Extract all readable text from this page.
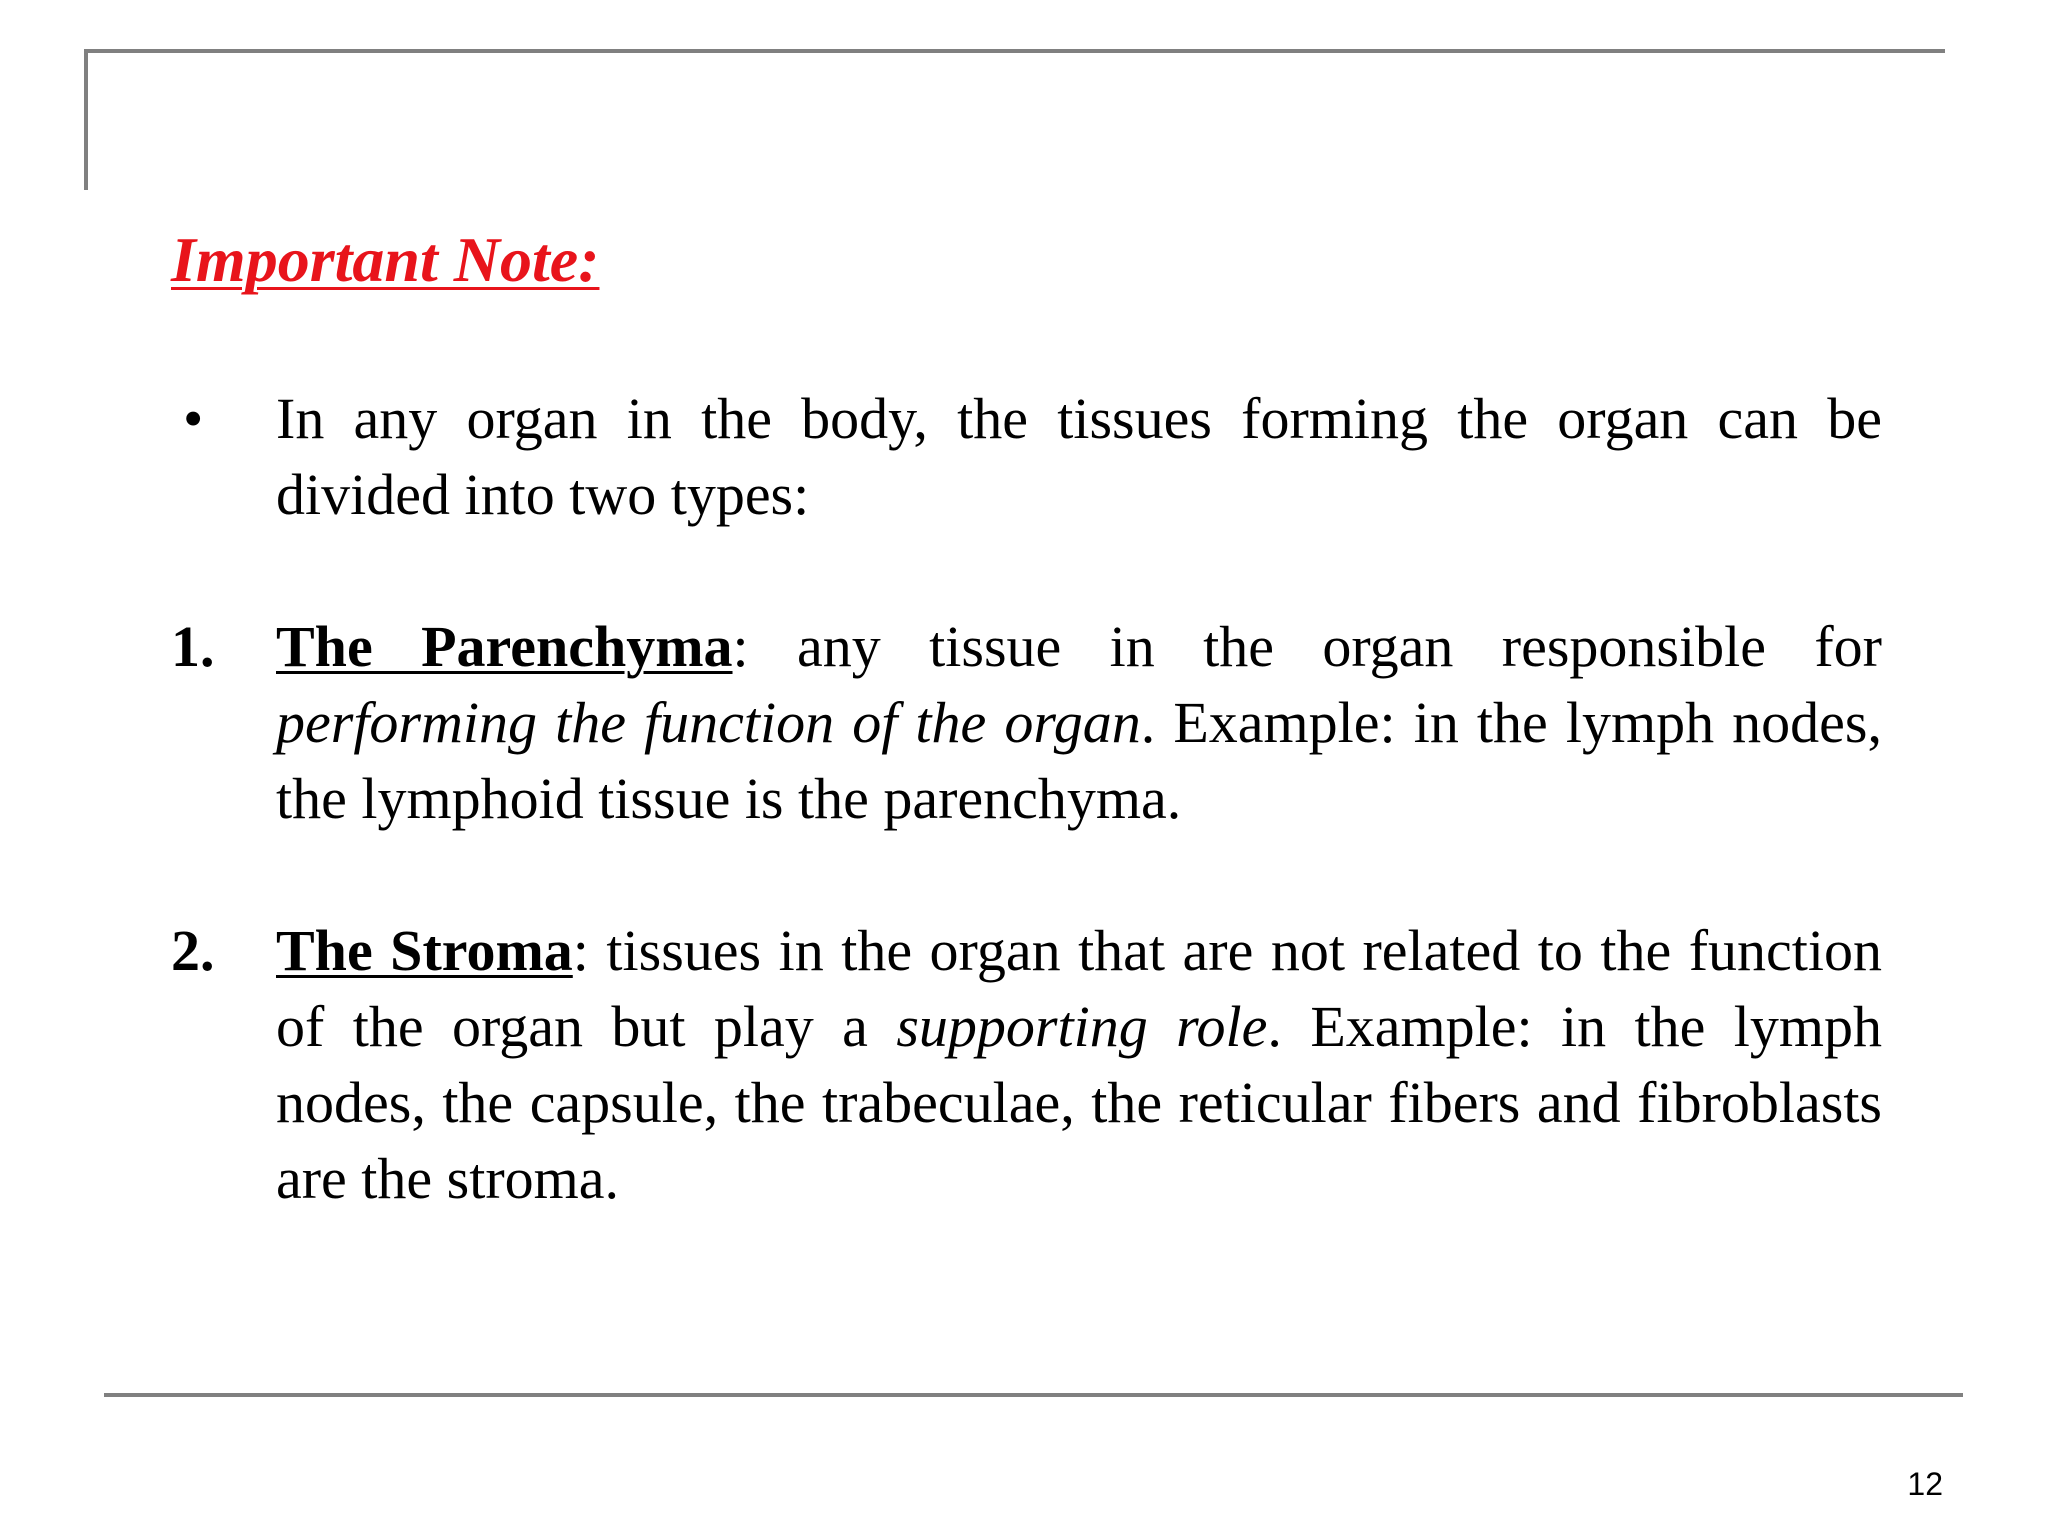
Important Note:
•	In any organ in the body, the tissues forming the organ can be divided into two types:
1.	The Parenchyma: any tissue in the organ responsible for performing the function of the organ. Example: in the lymph nodes, the lymphoid tissue is the parenchyma.
2.	The Stroma: tissues in the organ that are not related to the function of the organ but play a supporting role. Example: in the lymph nodes, the capsule, the trabeculae, the reticular fibers and fibroblasts are the stroma.
12
